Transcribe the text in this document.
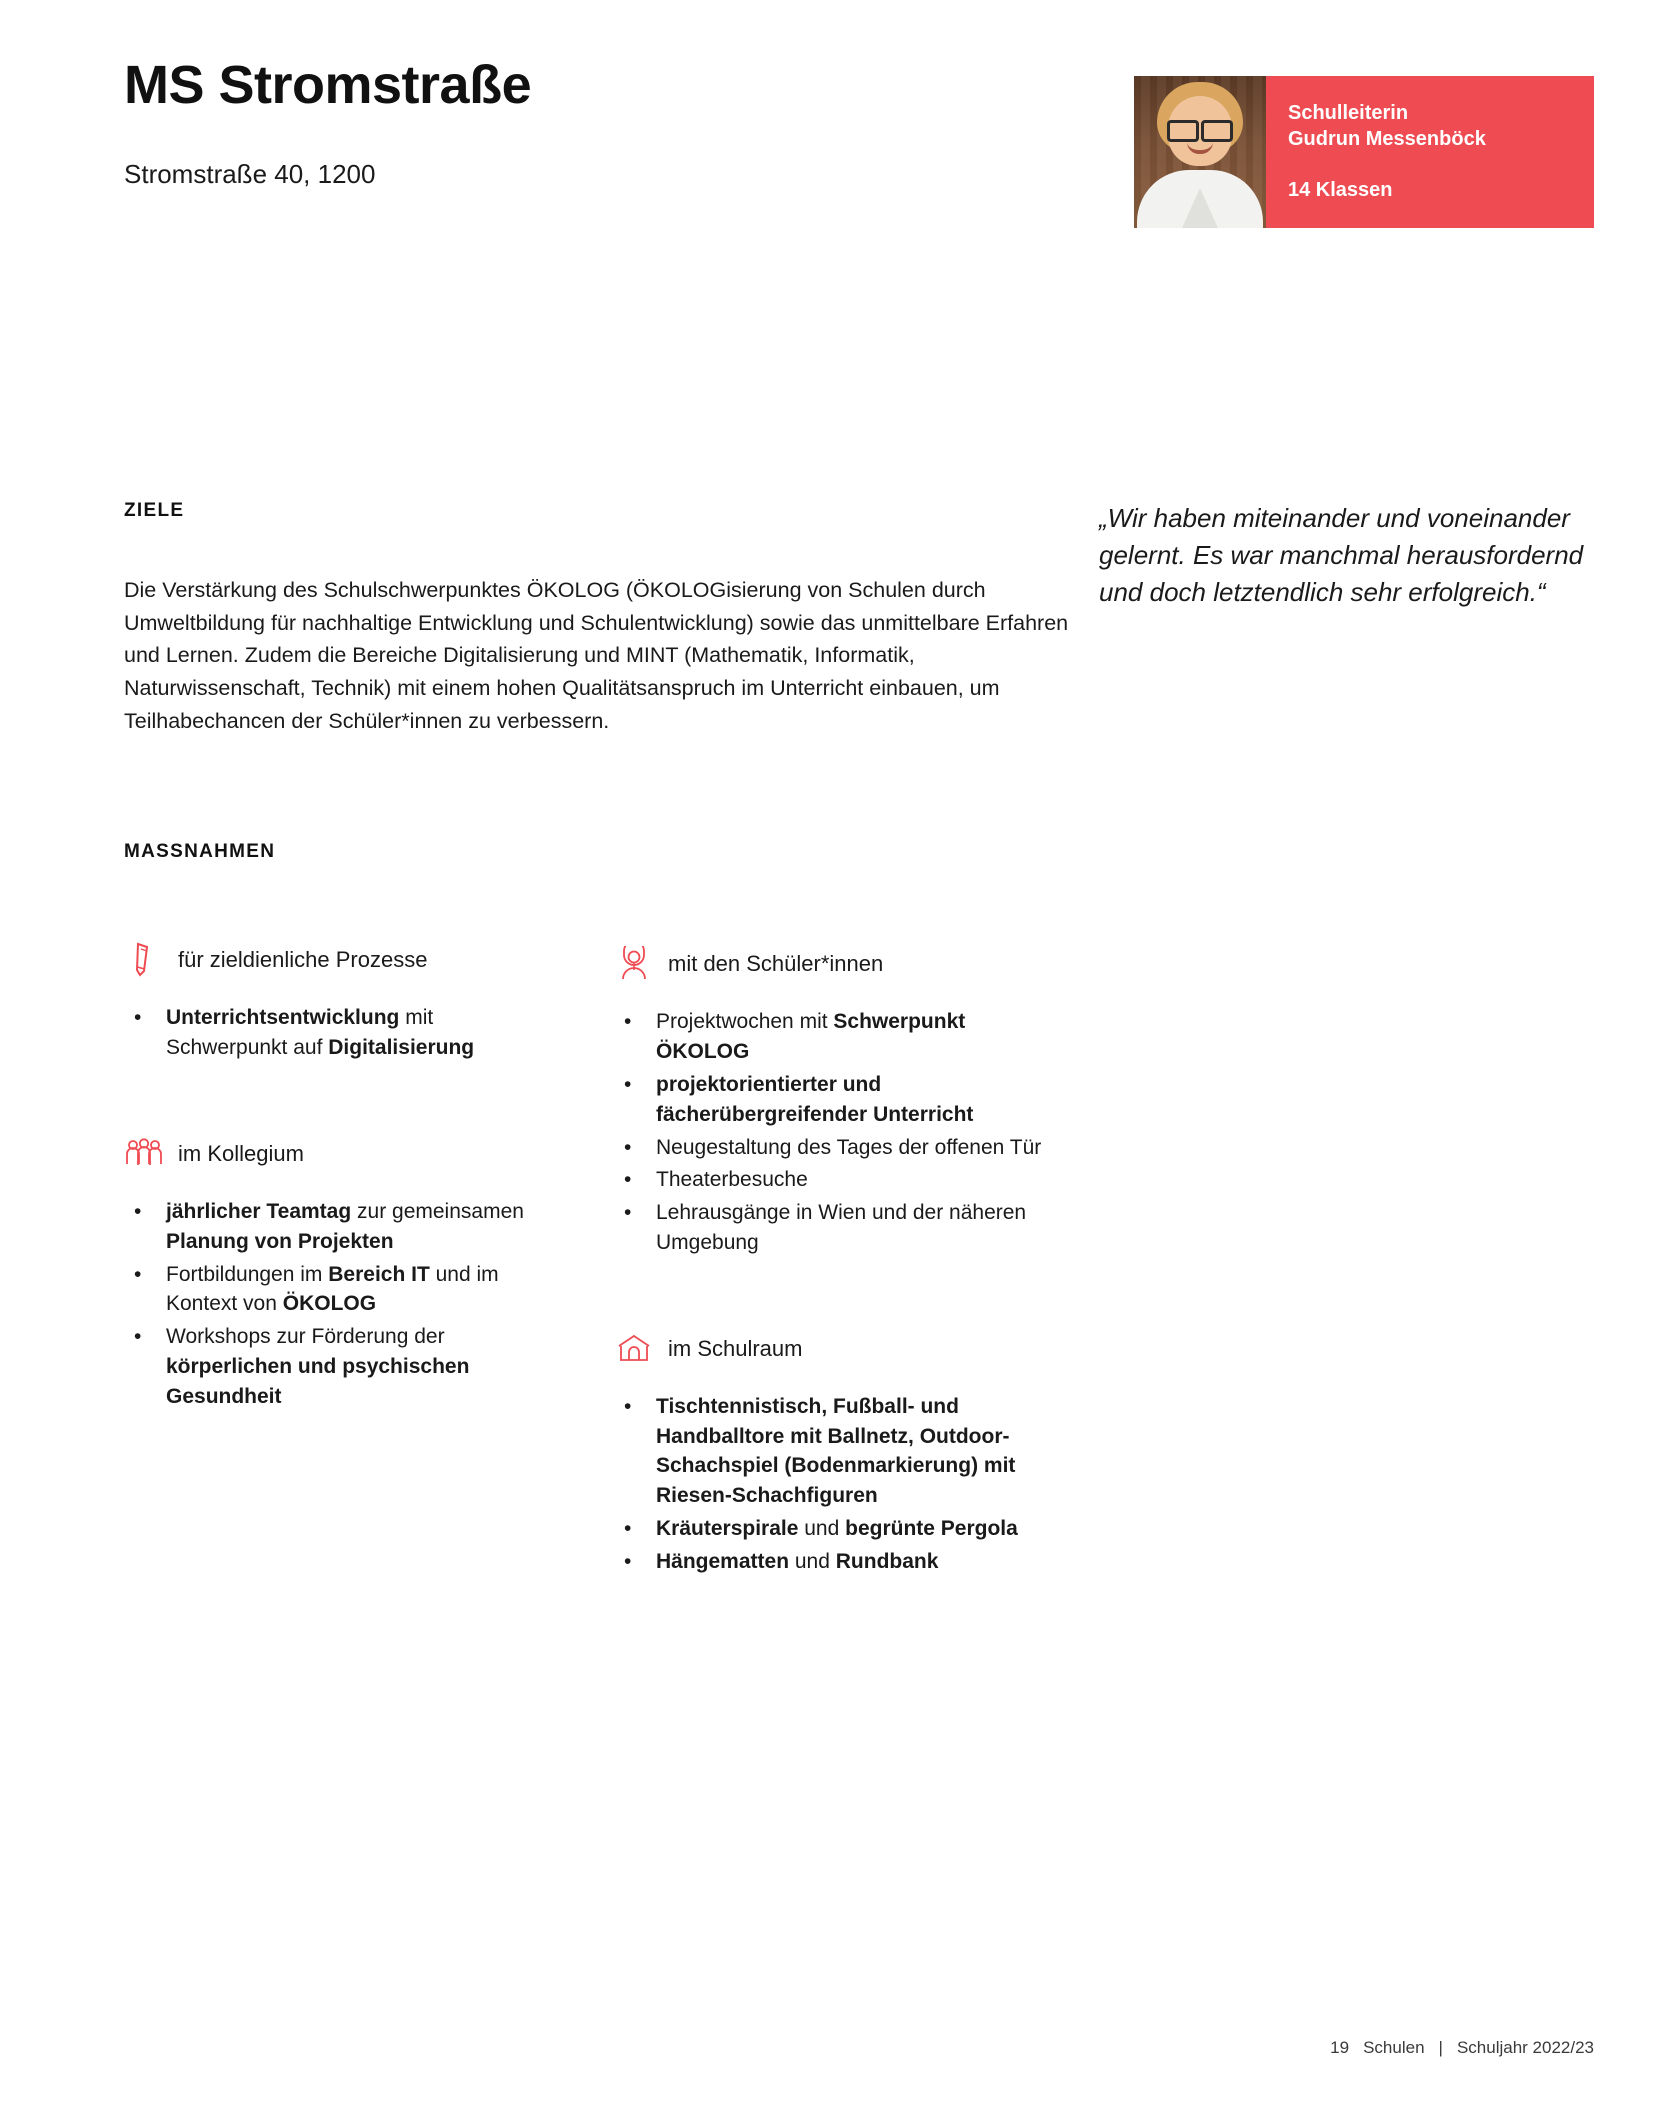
MS Stromstraße
Stromstraße 40, 1200
Schulleiterin
Gudrun Messenböck
14 Klassen
ZIELE
Die Verstärkung des Schulschwerpunktes ÖKOLOG (ÖKOLOGisierung von Schulen durch Umweltbildung für nachhaltige Entwicklung und Schulentwicklung) sowie das unmittelbare Erfahren und Lernen. Zudem die Bereiche Digitalisierung und MINT (Mathematik, Informatik, Naturwissenschaft, Technik) mit einem hohen Qualitätsanspruch im Unterricht einbauen, um Teilhabechancen der Schüler*innen zu verbessern.
„Wir haben miteinander und voneinander gelernt. Es war manchmal herausfordernd und doch letztendlich sehr erfolgreich.“
MASSNAHMEN
für zieldienliche Prozesse
• Unterrichtsentwicklung mit Schwerpunkt auf Digitalisierung
im Kollegium
• jährlicher Teamtag zur gemeinsamen Planung von Projekten
• Fortbildungen im Bereich IT und im Kontext von ÖKOLOG
• Workshops zur Förderung der körperlichen und psychischen Gesundheit
mit den Schüler*innen
• Projektwochen mit Schwerpunkt ÖKOLOG
• projektorientierter und fächerübergreifender Unterricht
• Neugestaltung des Tages der offenen Tür
• Theaterbesuche
• Lehrausgänge in Wien und der näheren Umgebung
im Schulraum
• Tischtennistisch, Fußball- und Handballtore mit Ballnetz, Outdoor-Schachspiel (Bodenmarkierung) mit Riesen-Schachfiguren
• Kräuterspirale und begrünte Pergola
• Hängematten und Rundbank
19 Schulen | Schuljahr 2022/23
